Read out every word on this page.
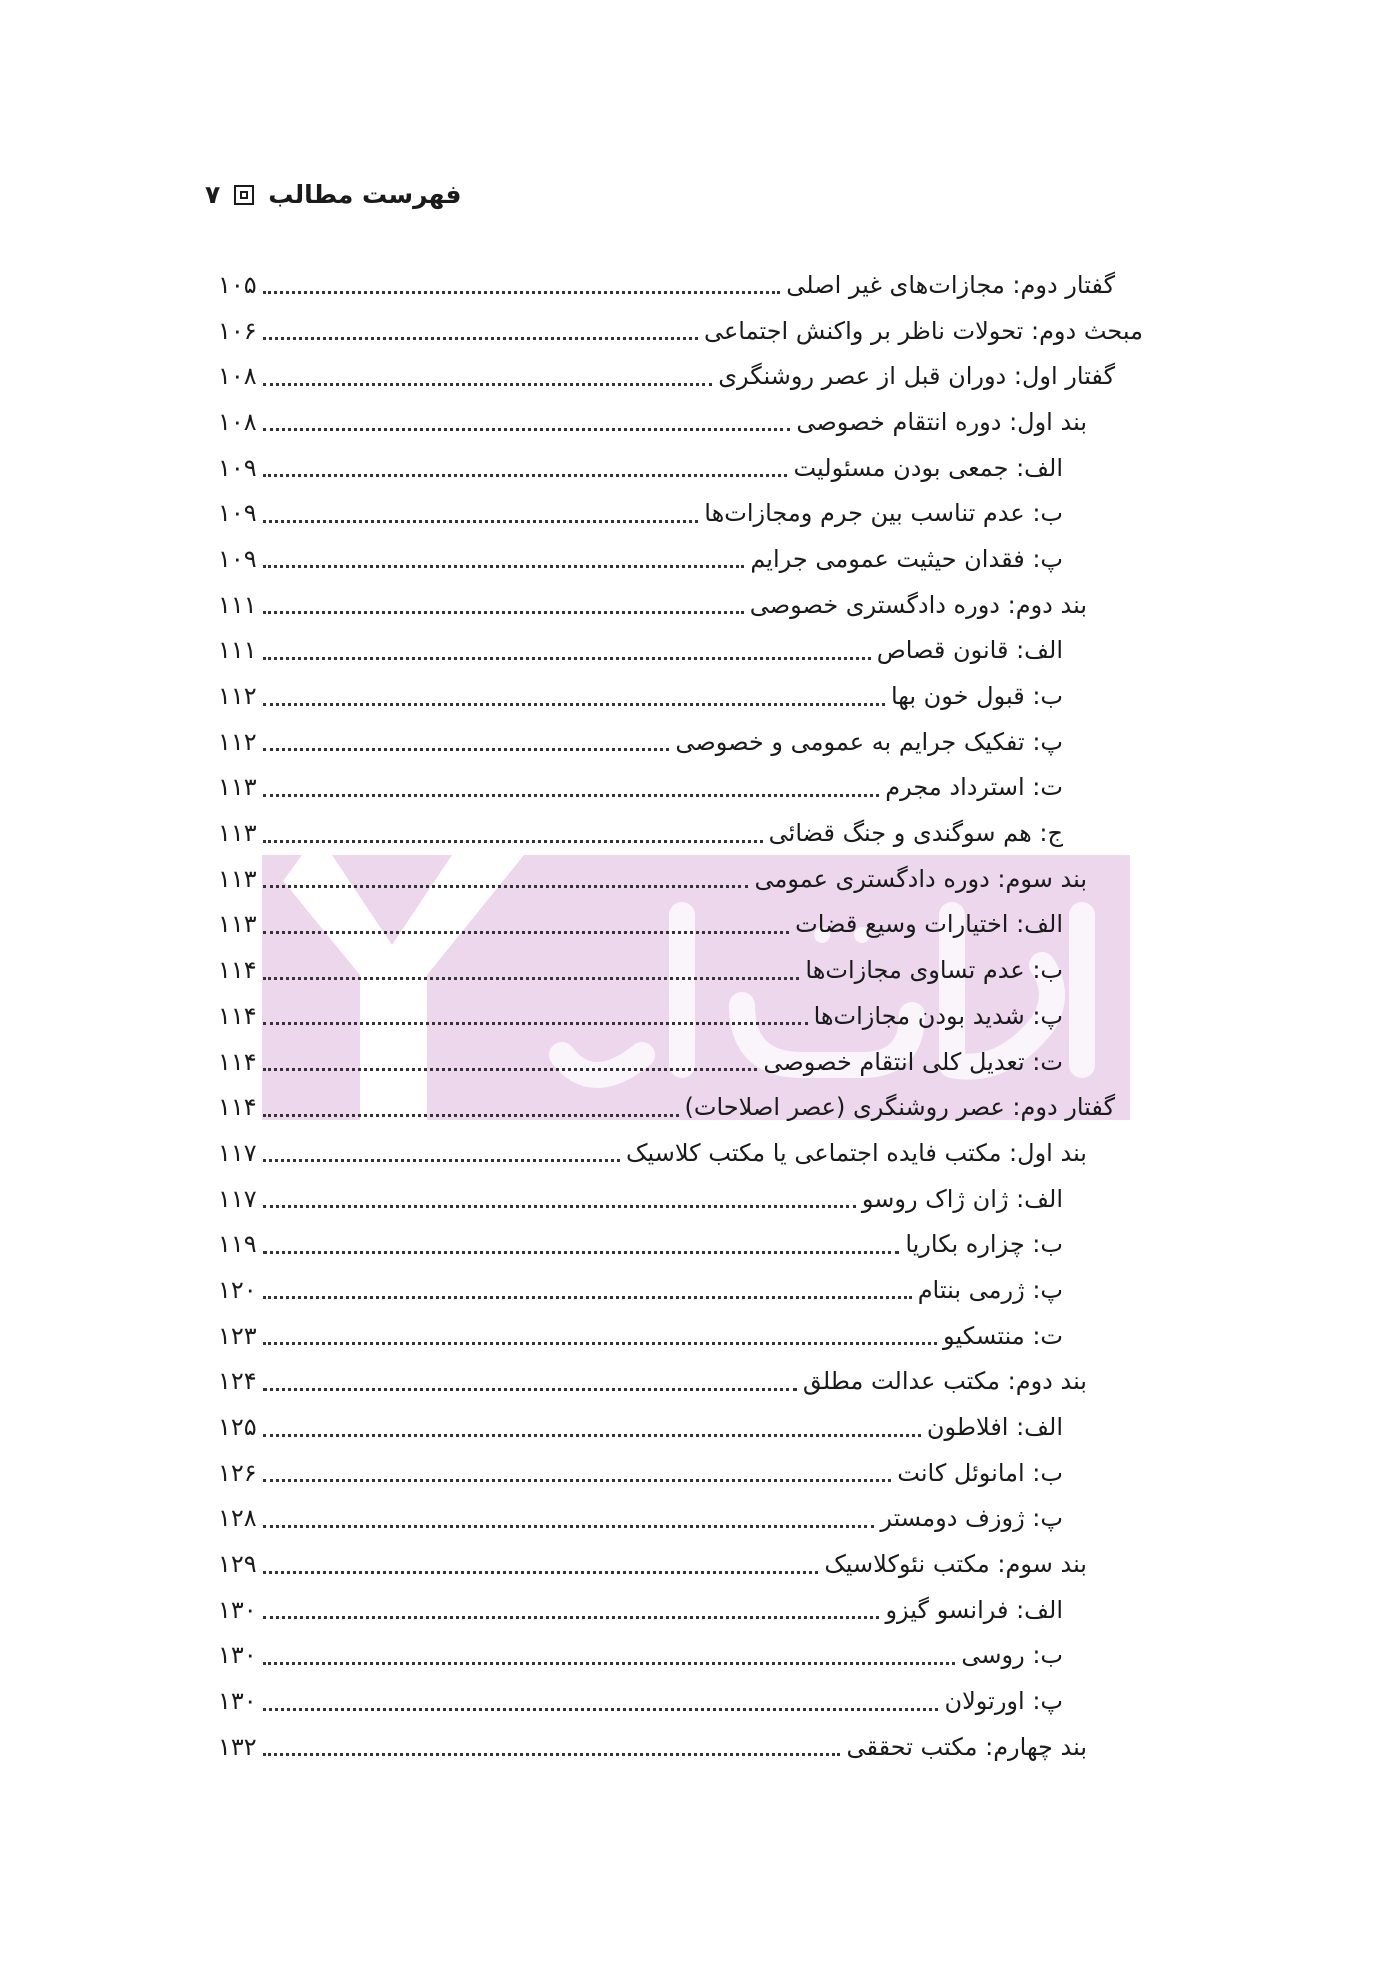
فهرست مطالب
۷
گفتار دوم: مجازات‌های غیر اصلی
۱۰۵
مبحث دوم: تحولات ناظر بر واکنش اجتماعی
۱۰۶
گفتار اول: دوران قبل از عصر روشنگری
۱۰۸
بند اول: دوره انتقام خصوصی
۱۰۸
الف: جمعی بودن مسئولیت
۱۰۹
ب: عدم تناسب بین جرم ومجازات‌ها
۱۰۹
پ: فقدان حیثیت عمومی جرایم
۱۰۹
بند دوم: دوره دادگستری خصوصی
۱۱۱
الف: قانون قصاص
۱۱۱
ب: قبول خون بها
۱۱۲
پ: تفکیک جرایم به عمومی و خصوصی
۱۱۲
ت: استرداد مجرم
۱۱۳
ج: هم سوگندی و جنگ قضائی
۱۱۳
بند سوم: دوره دادگستری عمومی
۱۱۳
الف: اختیارات وسیع قضات
۱۱۳
ب: عدم تساوی مجازات‌ها
۱۱۴
پ: شدید بودن مجازات‌ها
۱۱۴
ت: تعدیل کلی انتقام خصوصی
۱۱۴
گفتار دوم: عصر روشنگری (عصر اصلاحات)
۱۱۴
بند اول: مکتب فایده اجتماعی یا مکتب کلاسیک
۱۱۷
الف: ژان ژاک روسو
۱۱۷
ب: چزاره بکاریا
۱۱۹
پ: ژرمی بنتام
۱۲۰
ت: منتسکیو
۱۲۳
بند دوم: مکتب عدالت مطلق
۱۲۴
الف: افلاطون
۱۲۵
ب: امانوئل کانت
۱۲۶
پ: ژوزف دومستر
۱۲۸
بند سوم: مکتب نئوکلاسیک
۱۲۹
الف: فرانسو گیزو
۱۳۰
ب: روسی
۱۳۰
پ: اورتولان
۱۳۰
بند چهارم: مکتب تحققی
۱۳۲
